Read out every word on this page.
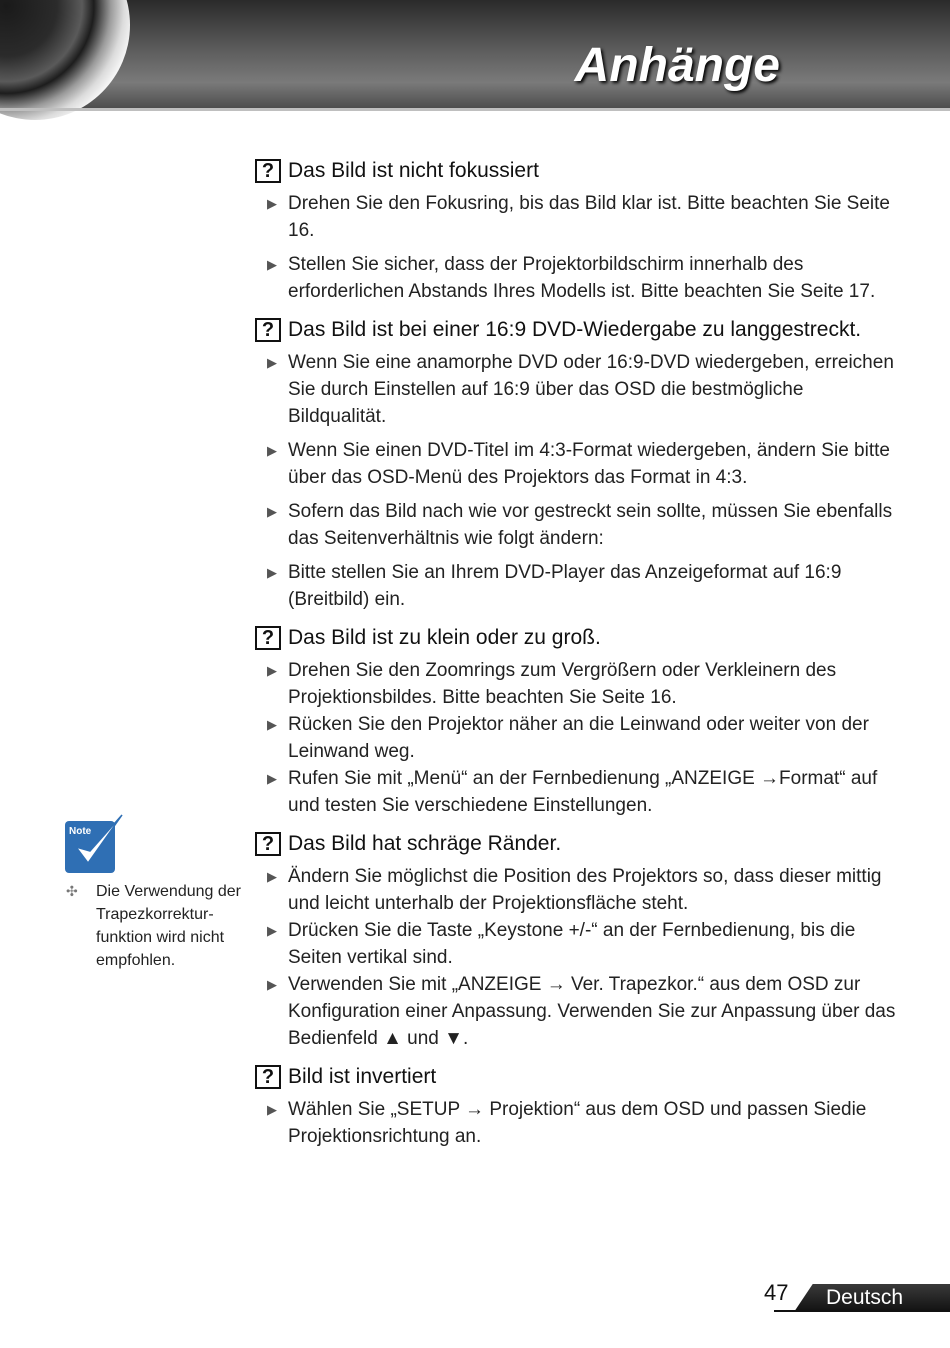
Anhänge
? Das Bild ist nicht fokussiert
▶ Drehen Sie den Fokusring, bis das Bild klar ist. Bitte beachten Sie Seite 16.
▶ Stellen Sie sicher, dass der Projektorbildschirm innerhalb des erforderlichen Abstands Ihres Modells ist. Bitte beachten Sie Seite 17.
? Das Bild ist bei einer 16:9 DVD-Wiedergabe zu langgestreckt.
▶ Wenn Sie eine anamorphe DVD oder 16:9-DVD wiedergeben, erreichen Sie durch Einstellen auf 16:9 über das OSD die bestmögliche Bildqualität.
▶ Wenn Sie einen DVD-Titel im 4:3-Format wiedergeben, ändern Sie bitte über das OSD-Menü des Projektors das Format in 4:3.
▶ Sofern das Bild nach wie vor gestreckt sein sollte, müssen Sie ebenfalls das Seitenverhältnis wie folgt ändern:
▶ Bitte stellen Sie an Ihrem DVD-Player das Anzeigeformat auf 16:9 (Breitbild) ein.
? Das Bild ist zu klein oder zu groß.
▶ Drehen Sie den Zoomrings zum Vergrößern oder Verkleinern des Projektionsbildes. Bitte beachten Sie Seite 16.
▶ Rücken Sie den Projektor näher an die Leinwand oder weiter von der Leinwand weg.
▶ Rufen Sie mit „Menü“ an der Fernbedienung „ANZEIGE →Format“ auf und testen Sie verschiedene Einstellungen.
? Das Bild hat schräge Ränder.
▶ Ändern Sie möglichst die Position des Projektors so, dass dieser mittig und leicht unterhalb der Projektionsfläche steht.
▶ Drücken Sie die Taste „Keystone +/-“ an der Fernbedienung, bis die Seiten vertikal sind.
▶ Verwenden Sie mit „ANZEIGE → Ver. Trapezkor.“ aus dem OSD zur Konfiguration einer Anpassung. Verwenden Sie zur Anpassung über das Bedienfeld ▲ und ▼.
? Bild ist invertiert
▶ Wählen Sie „SETUP → Projektion“ aus dem OSD und passen Siedie Projektionsrichtung an.
Note
✣	Die Verwendung der Trapezkorrektur-funktion wird nicht empfohlen.
47 Deutsch
